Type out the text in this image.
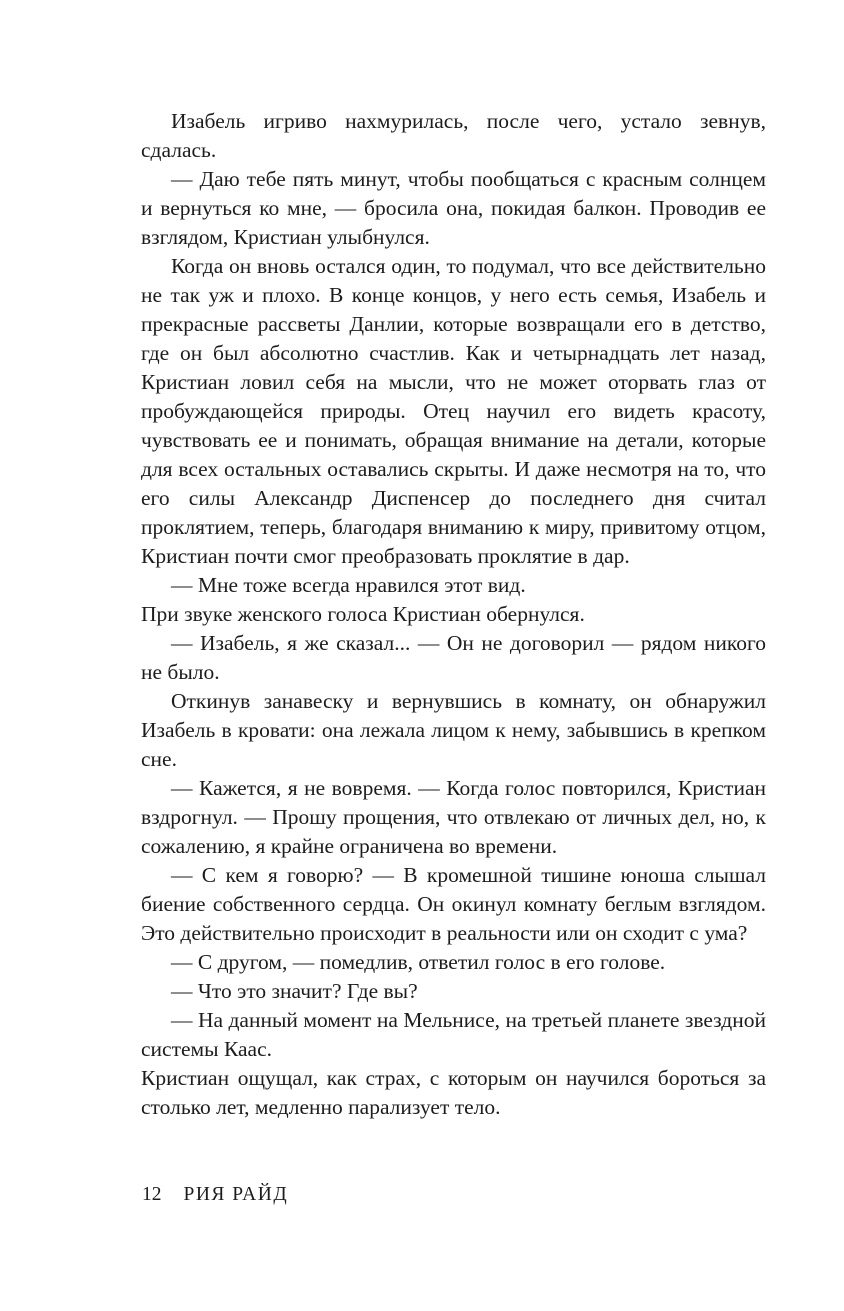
Изабель игриво нахмурилась, после чего, устало зевнув, сдалась.

— Даю тебе пять минут, чтобы пообщаться с красным солнцем и вернуться ко мне, — бросила она, покидая балкон. Проводив ее взглядом, Кристиан улыбнулся.

Когда он вновь остался один, то подумал, что все действительно не так уж и плохо. В конце концов, у него есть семья, Изабель и прекрасные рассветы Данлии, которые возвращали его в детство, где он был абсолютно счастлив. Как и четырнадцать лет назад, Кристиан ловил себя на мысли, что не может оторвать глаз от пробуждающейся природы. Отец научил его видеть красоту, чувствовать ее и понимать, обращая внимание на детали, которые для всех остальных оставались скрыты. И даже несмотря на то, что его силы Александр Диспенсер до последнего дня считал проклятием, теперь, благодаря вниманию к миру, привитому отцом, Кристиан почти смог преобразовать проклятие в дар.

— Мне тоже всегда нравился этот вид.

При звуке женского голоса Кристиан обернулся.

— Изабель, я же сказал... — Он не договорил — рядом никого не было.

Откинув занавеску и вернувшись в комнату, он обнаружил Изабель в кровати: она лежала лицом к нему, забывшись в крепком сне.

— Кажется, я не вовремя. — Когда голос повторился, Кристиан вздрогнул. — Прошу прощения, что отвлекаю от личных дел, но, к сожалению, я крайне ограничена во времени.

— С кем я говорю? — В кромешной тишине юноша слышал биение собственного сердца. Он окинул комнату беглым взглядом. Это действительно происходит в реальности или он сходит с ума?

— С другом, — помедлив, ответил голос в его голове.

— Что это значит? Где вы?

— На данный момент на Мельнисе, на третьей планете звездной системы Каас.

Кристиан ощущал, как страх, с которым он научился бороться за столько лет, медленно парализует тело.

12 РИЯ РАЙД
